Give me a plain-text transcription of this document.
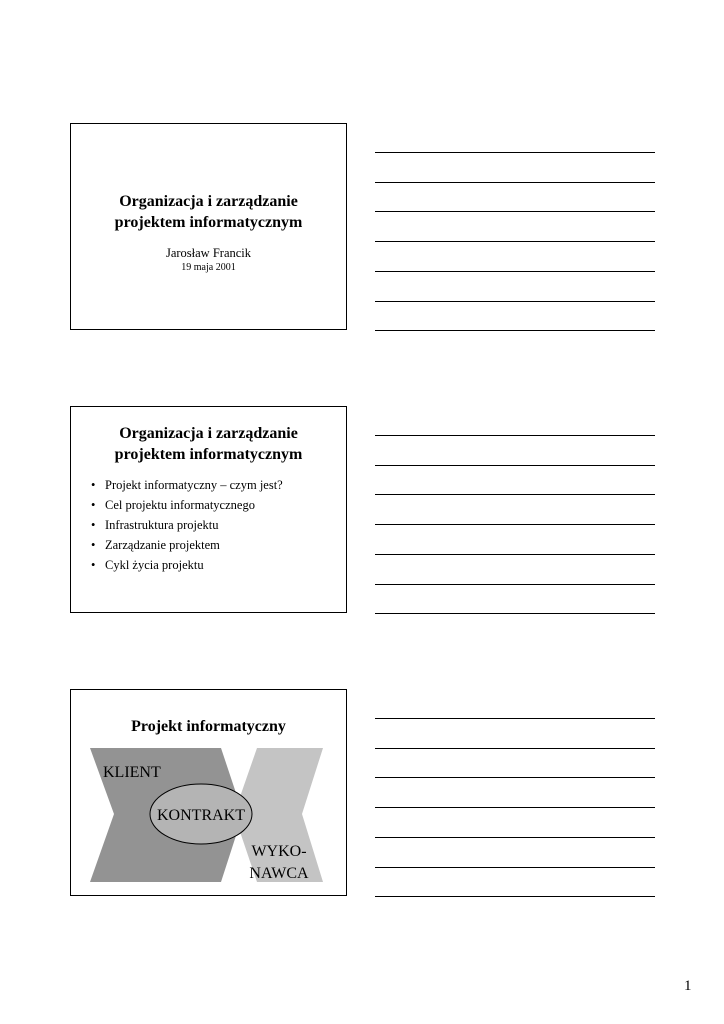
Organizacja i zarządzanie
projektem informatycznym
Jarosław Francik
19 maja 2001
Organizacja i zarządzanie
projektem informatycznym
• Projekt informatyczny – czym jest?
• Cel projektu informatycznego
• Infrastruktura projektu
• Zarządzanie projektem
• Cykl życia projektu
Projekt informatyczny
KLIENT
KONTRAKT
WYKO-
NAWCA
1
